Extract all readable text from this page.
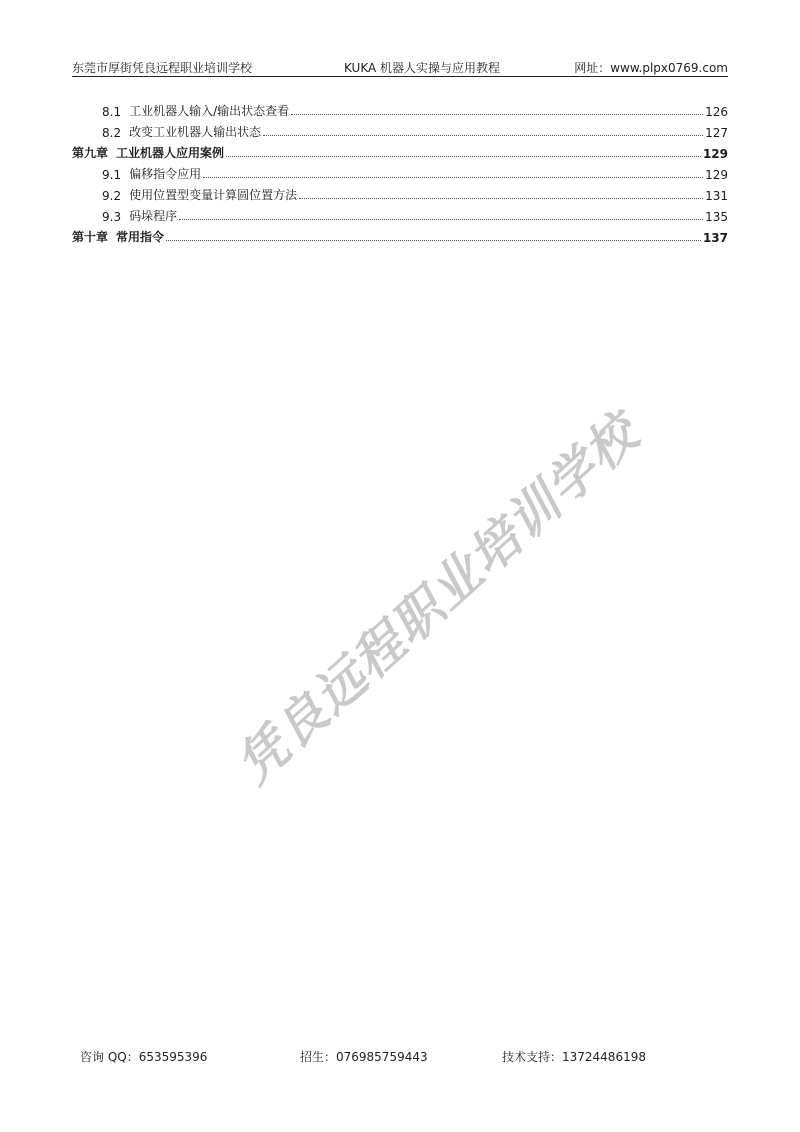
东莞市厚街凭良远程职业培训学校	KUKA 机器人实操与应用教程	网址：www.plpx0769.com
8.1 工业机器人输入/输出状态查看	126
8.2 改变工业机器人输出状态	127
第九章 工业机器人应用案例	129
9.1 偏移指令应用	129
9.2 使用位置型变量计算圆位置方法	131
9.3 码垛程序	135
第十章 常用指令	137
凭良远程职业培训学校
咨询 QQ：653595396	招生：076985759443	技术支持：13724486198
